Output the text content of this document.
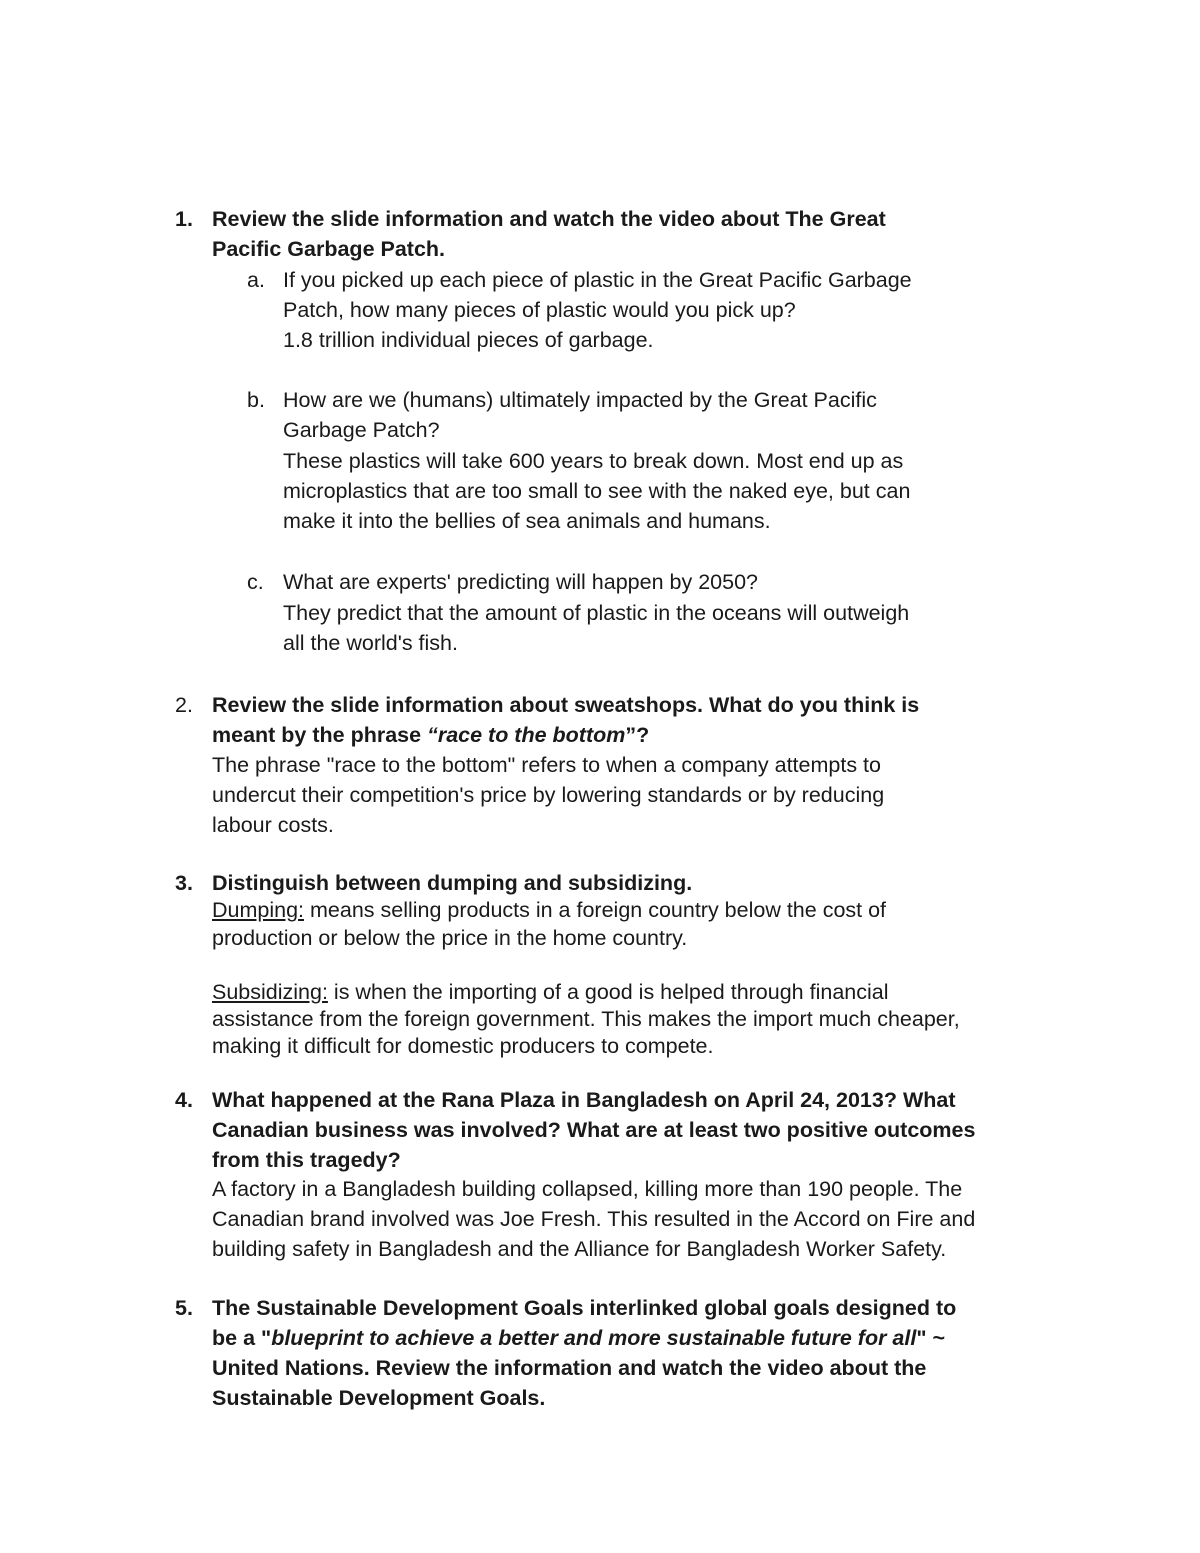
1. Review the slide information and watch the video about The Great
Pacific Garbage Patch.
a. If you picked up each piece of plastic in the Great Pacific Garbage
Patch, how many pieces of plastic would you pick up?
1.8 trillion individual pieces of garbage.
b. How are we (humans) ultimately impacted by the Great Pacific
Garbage Patch?
These plastics will take 600 years to break down. Most end up as
microplastics that are too small to see with the naked eye, but can
make it into the bellies of sea animals and humans.
c. What are experts' predicting will happen by 2050?
They predict that the amount of plastic in the oceans will outweigh
all the world's fish.
2. Review the slide information about sweatshops. What do you think is
meant by the phrase “race to the bottom”?
The phrase "race to the bottom" refers to when a company attempts to
undercut their competition's price by lowering standards or by reducing
labour costs.
3. Distinguish between dumping and subsidizing.
Dumping: means selling products in a foreign country below the cost of
production or below the price in the home country.
Subsidizing: is when the importing of a good is helped through financial
assistance from the foreign government. This makes the import much cheaper,
making it difficult for domestic producers to compete.
4. What happened at the Rana Plaza in Bangladesh on April 24, 2013? What
Canadian business was involved? What are at least two positive outcomes
from this tragedy?
A factory in a Bangladesh building collapsed, killing more than 190 people. The
Canadian brand involved was Joe Fresh. This resulted in the Accord on Fire and
building safety in Bangladesh and the Alliance for Bangladesh Worker Safety.
5. The Sustainable Development Goals interlinked global goals designed to
be a "blueprint to achieve a better and more sustainable future for all" ~
United Nations. Review the information and watch the video about the
Sustainable Development Goals.
